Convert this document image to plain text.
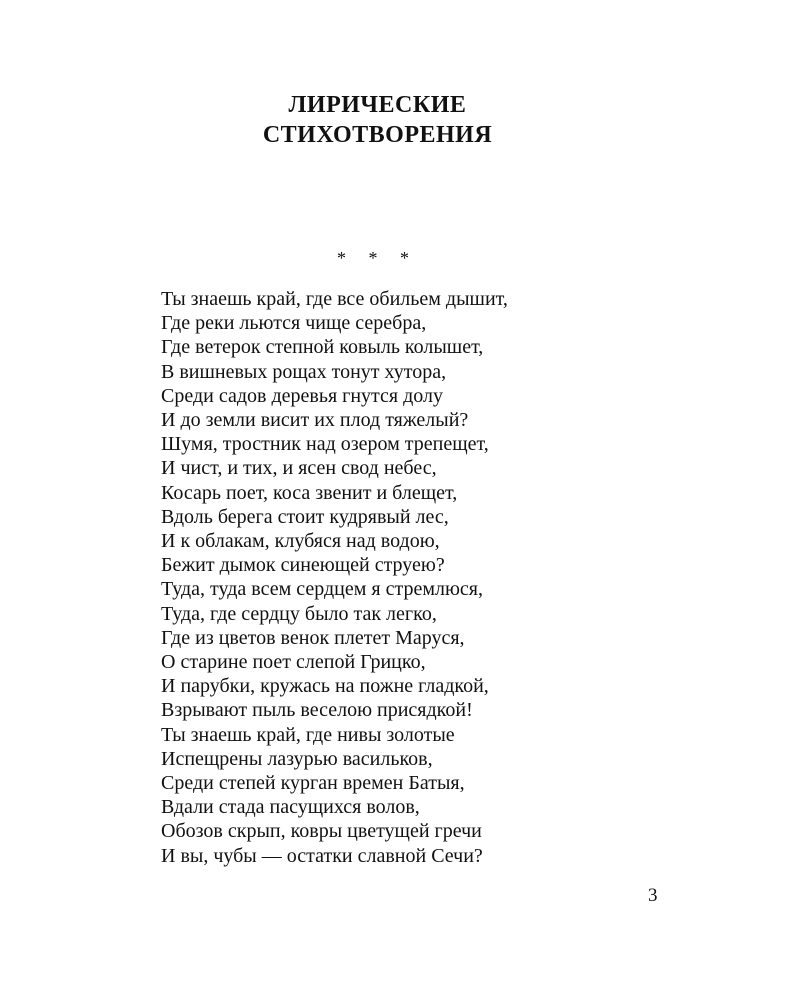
ЛИРИЧЕСКИЕ
СТИХОТВОРЕНИЯ
* * *
Ты знаешь край, где все обильем дышит,
Где реки льются чище серебра,
Где ветерок степной ковыль колышет,
В вишневых рощах тонут хутора,
Среди садов деревья гнутся долу
И до земли висит их плод тяжелый?
Шумя, тростник над озером трепещет,
И чист, и тих, и ясен свод небес,
Косарь поет, коса звенит и блещет,
Вдоль берега стоит кудрявый лес,
И к облакам, клубяся над водою,
Бежит дымок синеющей струею?
Туда, туда всем сердцем я стремлюся,
Туда, где сердцу было так легко,
Где из цветов венок плетет Маруся,
О старине поет слепой Грицко,
И парубки, кружась на пожне гладкой,
Взрывают пыль веселою присядкой!
Ты знаешь край, где нивы золотые
Испещрены лазурью васильков,
Среди степей курган времен Батыя,
Вдали стада пасущихся волов,
Обозов скрып, ковры цветущей гречи
И вы, чубы — остатки славной Сечи?
3
